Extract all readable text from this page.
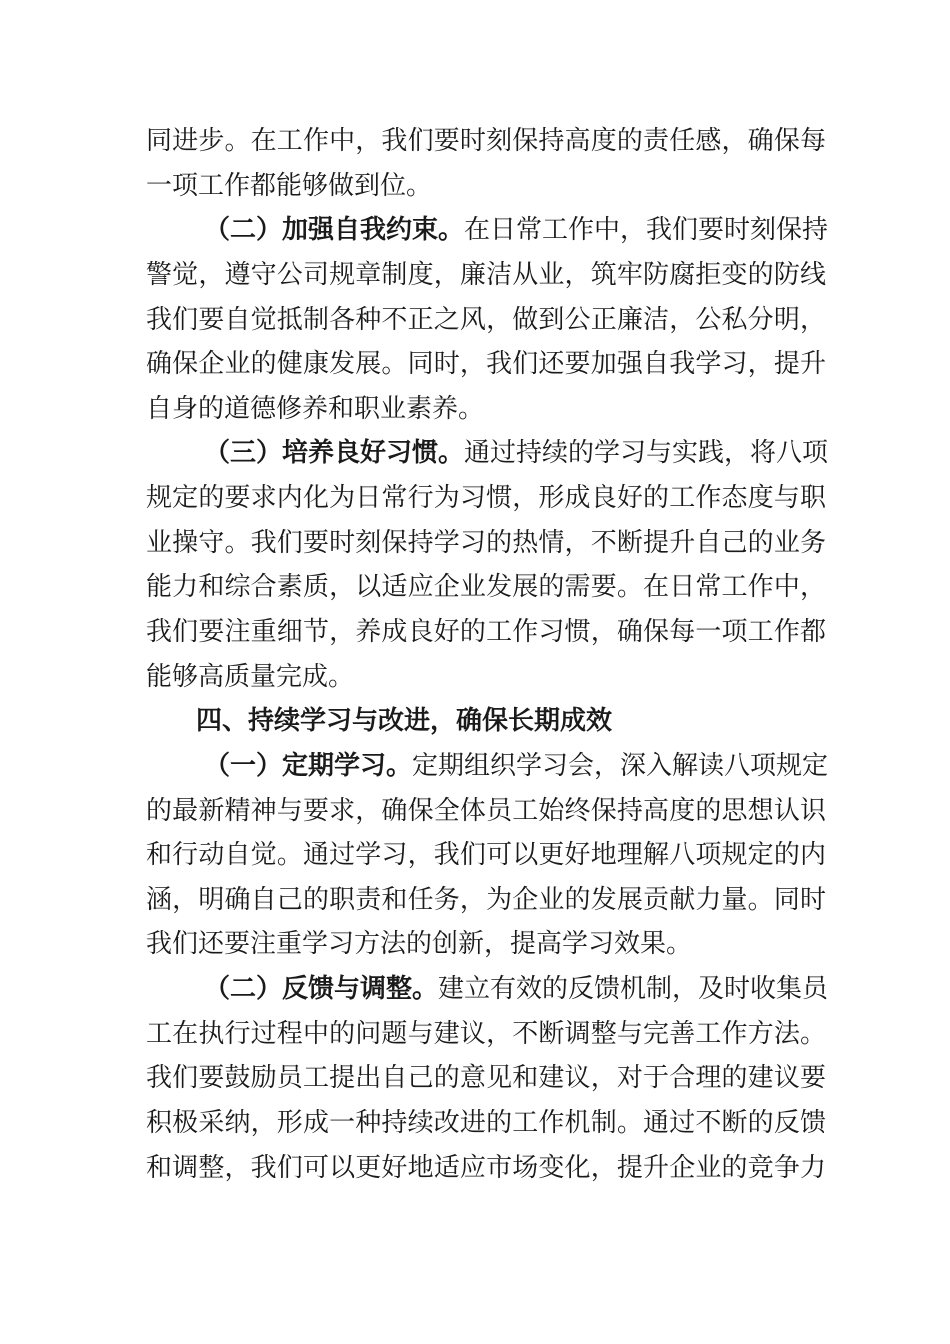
同进步。在工作中，我们要时刻保持高度的责任感，确保每
一项工作都能够做到位。
（二）加强自我约束。在日常工作中，我们要时刻保持
警觉，遵守公司规章制度，廉洁从业，筑牢防腐拒变的防线
我们要自觉抵制各种不正之风，做到公正廉洁，公私分明，
确保企业的健康发展。同时，我们还要加强自我学习，提升
自身的道德修养和职业素养。
（三）培养良好习惯。通过持续的学习与实践，将八项
规定的要求内化为日常行为习惯，形成良好的工作态度与职
业操守。我们要时刻保持学习的热情，不断提升自己的业务
能力和综合素质，以适应企业发展的需要。在日常工作中，
我们要注重细节，养成良好的工作习惯，确保每一项工作都
能够高质量完成。
四、持续学习与改进，确保长期成效
（一）定期学习。定期组织学习会，深入解读八项规定
的最新精神与要求，确保全体员工始终保持高度的思想认识
和行动自觉。通过学习，我们可以更好地理解八项规定的内
涵，明确自己的职责和任务，为企业的发展贡献力量。同时
我们还要注重学习方法的创新，提高学习效果。
（二）反馈与调整。建立有效的反馈机制，及时收集员
工在执行过程中的问题与建议，不断调整与完善工作方法。
我们要鼓励员工提出自己的意见和建议，对于合理的建议要
积极采纳，形成一种持续改进的工作机制。通过不断的反馈
和调整，我们可以更好地适应市场变化，提升企业的竞争力
